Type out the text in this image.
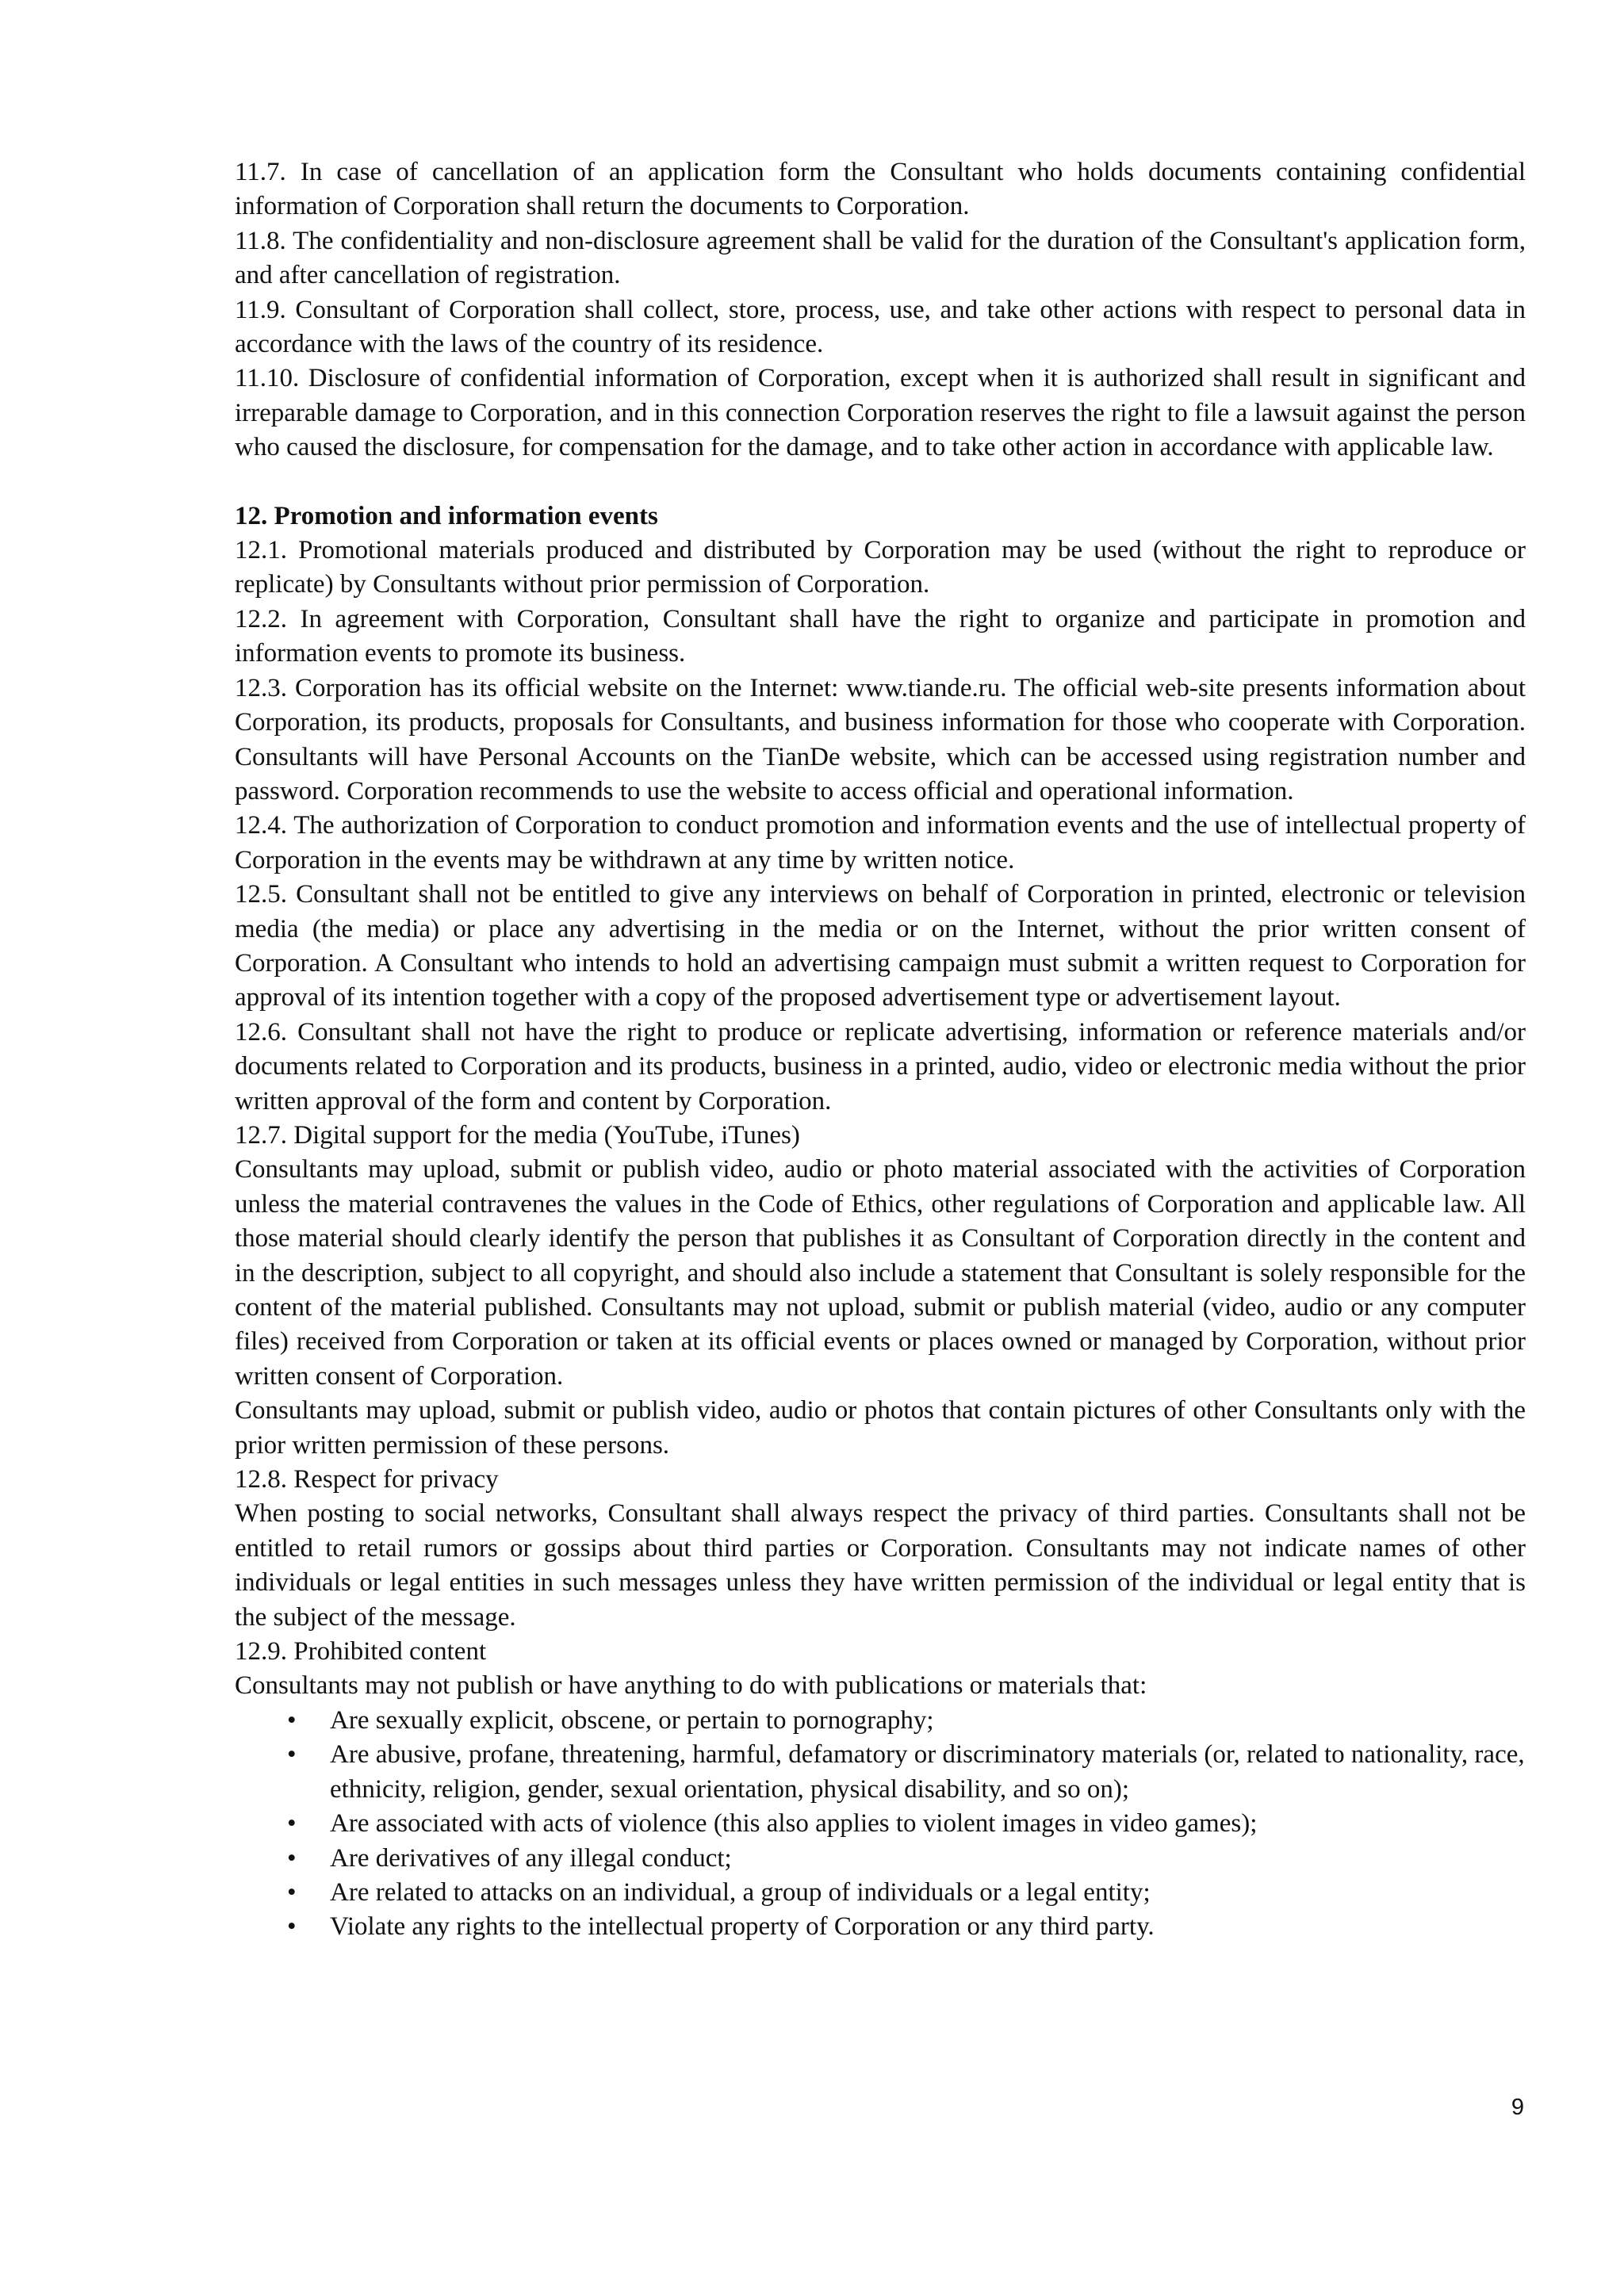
11.7. In case of cancellation of an application form the Consultant who holds documents containing confidential information of Corporation shall return the documents to Corporation.

11.8. The confidentiality and non-disclosure agreement shall be valid for the duration of the Consultant's application form, and after cancellation of registration.

11.9. Consultant of Corporation shall collect, store, process, use, and take other actions with respect to personal data in accordance with the laws of the country of its residence.

11.10. Disclosure of confidential information of Corporation, except when it is authorized shall result in significant and irreparable damage to Corporation, and in this connection Corporation reserves the right to file a lawsuit against the person who caused the disclosure, for compensation for the damage, and to take other action in accordance with applicable law.

12. Promotion and information events

12.1. Promotional materials produced and distributed by Corporation may be used (without the right to reproduce or replicate) by Consultants without prior permission of Corporation.

12.2. In agreement with Corporation, Consultant shall have the right to organize and participate in promotion and information events to promote its business.

12.3. Corporation has its official website on the Internet: www.tiande.ru. The official web-site presents information about Corporation, its products, proposals for Consultants, and business information for those who cooperate with Corporation. Consultants will have Personal Accounts on the TianDe website, which can be accessed using registration number and password. Corporation recommends to use the website to access official and operational information.

12.4. The authorization of Corporation to conduct promotion and information events and the use of intellectual property of Corporation in the events may be withdrawn at any time by written notice.

12.5. Consultant shall not be entitled to give any interviews on behalf of Corporation in printed, electronic or television media (the media) or place any advertising in the media or on the Internet, without the prior written consent of Corporation. A Consultant who intends to hold an advertising campaign must submit a written request to Corporation for approval of its intention together with a copy of the proposed advertisement type or advertisement layout.

12.6. Consultant shall not have the right to produce or replicate advertising, information or reference materials and/or documents related to Corporation and its products, business in a printed, audio, video or electronic media without the prior written approval of the form and content by Corporation.

12.7. Digital support for the media (YouTube, iTunes)

Consultants may upload, submit or publish video, audio or photo material associated with the activities of Corporation unless the material contravenes the values in the Code of Ethics, other regulations of Corporation and applicable law. All those material should clearly identify the person that publishes it as Consultant of Corporation directly in the content and in the description, subject to all copyright, and should also include a statement that Consultant is solely responsible for the content of the material published. Consultants may not upload, submit or publish material (video, audio or any computer files) received from Corporation or taken at its official events or places owned or managed by Corporation, without prior written consent of Corporation.

Consultants may upload, submit or publish video, audio or photos that contain pictures of other Consultants only with the prior written permission of these persons.

12.8. Respect for privacy

When posting to social networks, Consultant shall always respect the privacy of third parties. Consultants shall not be entitled to retail rumors or gossips about third parties or Corporation. Consultants may not indicate names of other individuals or legal entities in such messages unless they have written permission of the individual or legal entity that is the subject of the message.

12.9. Prohibited content

Consultants may not publish or have anything to do with publications or materials that:

• Are sexually explicit, obscene, or pertain to pornography;
• Are abusive, profane, threatening, harmful, defamatory or discriminatory materials (or, related to nationality, race, ethnicity, religion, gender, sexual orientation, physical disability, and so on);
• Are associated with acts of violence (this also applies to violent images in video games);
• Are derivatives of any illegal conduct;
• Are related to attacks on an individual, a group of individuals or a legal entity;
• Violate any rights to the intellectual property of Corporation or any third party.
9
